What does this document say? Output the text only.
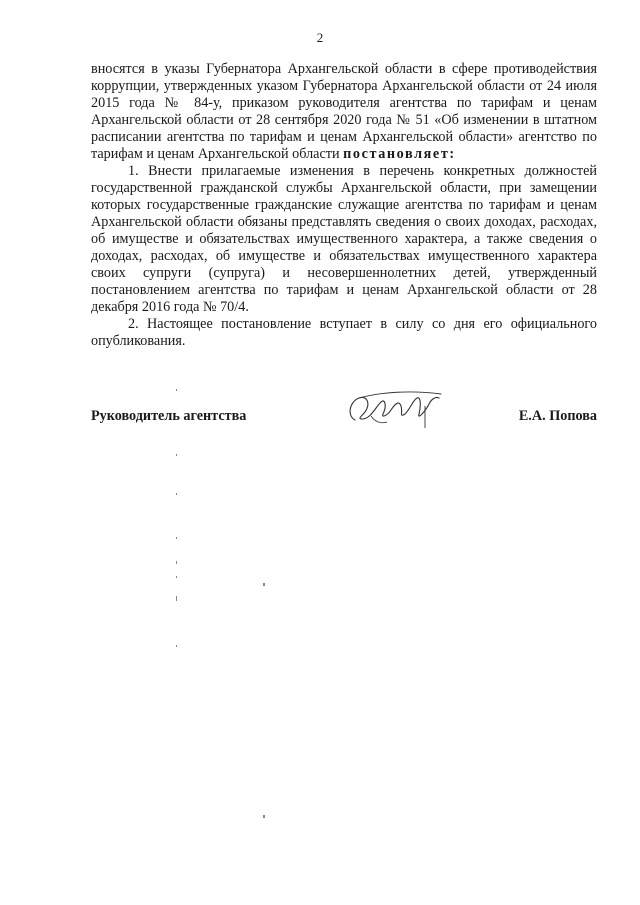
2

вносятся в указы Губернатора Архангельской области в сфере противодействия коррупции, утвержденных указом Губернатора Архангельской области от 24 июля 2015 года № 84-у, приказом руководителя агентства по тарифам и ценам Архангельской области от 28 сентября 2020 года № 51 «Об изменении в штатном расписании агентства по тарифам и ценам Архангельской области» агентство по тарифам и ценам Архангельской области постановляет:

1. Внести прилагаемые изменения в перечень конкретных должностей государственной гражданской службы Архангельской области, при замещении которых государственные гражданские служащие агентства по тарифам и ценам Архангельской области обязаны представлять сведения о своих доходах, расходах, об имуществе и обязательствах имущественного характера, а также сведения о доходах, расходах, об имуществе и обязательствах имущественного характера своих супруги (супруга) и несовершеннолетних детей, утвержденный постановлением агентства по тарифам и ценам Архангельской области от 28 декабря 2016 года № 70/4.

2. Настоящее постановление вступает в силу со дня его официального опубликования.

Руководитель агентства	Е.А. Попова
